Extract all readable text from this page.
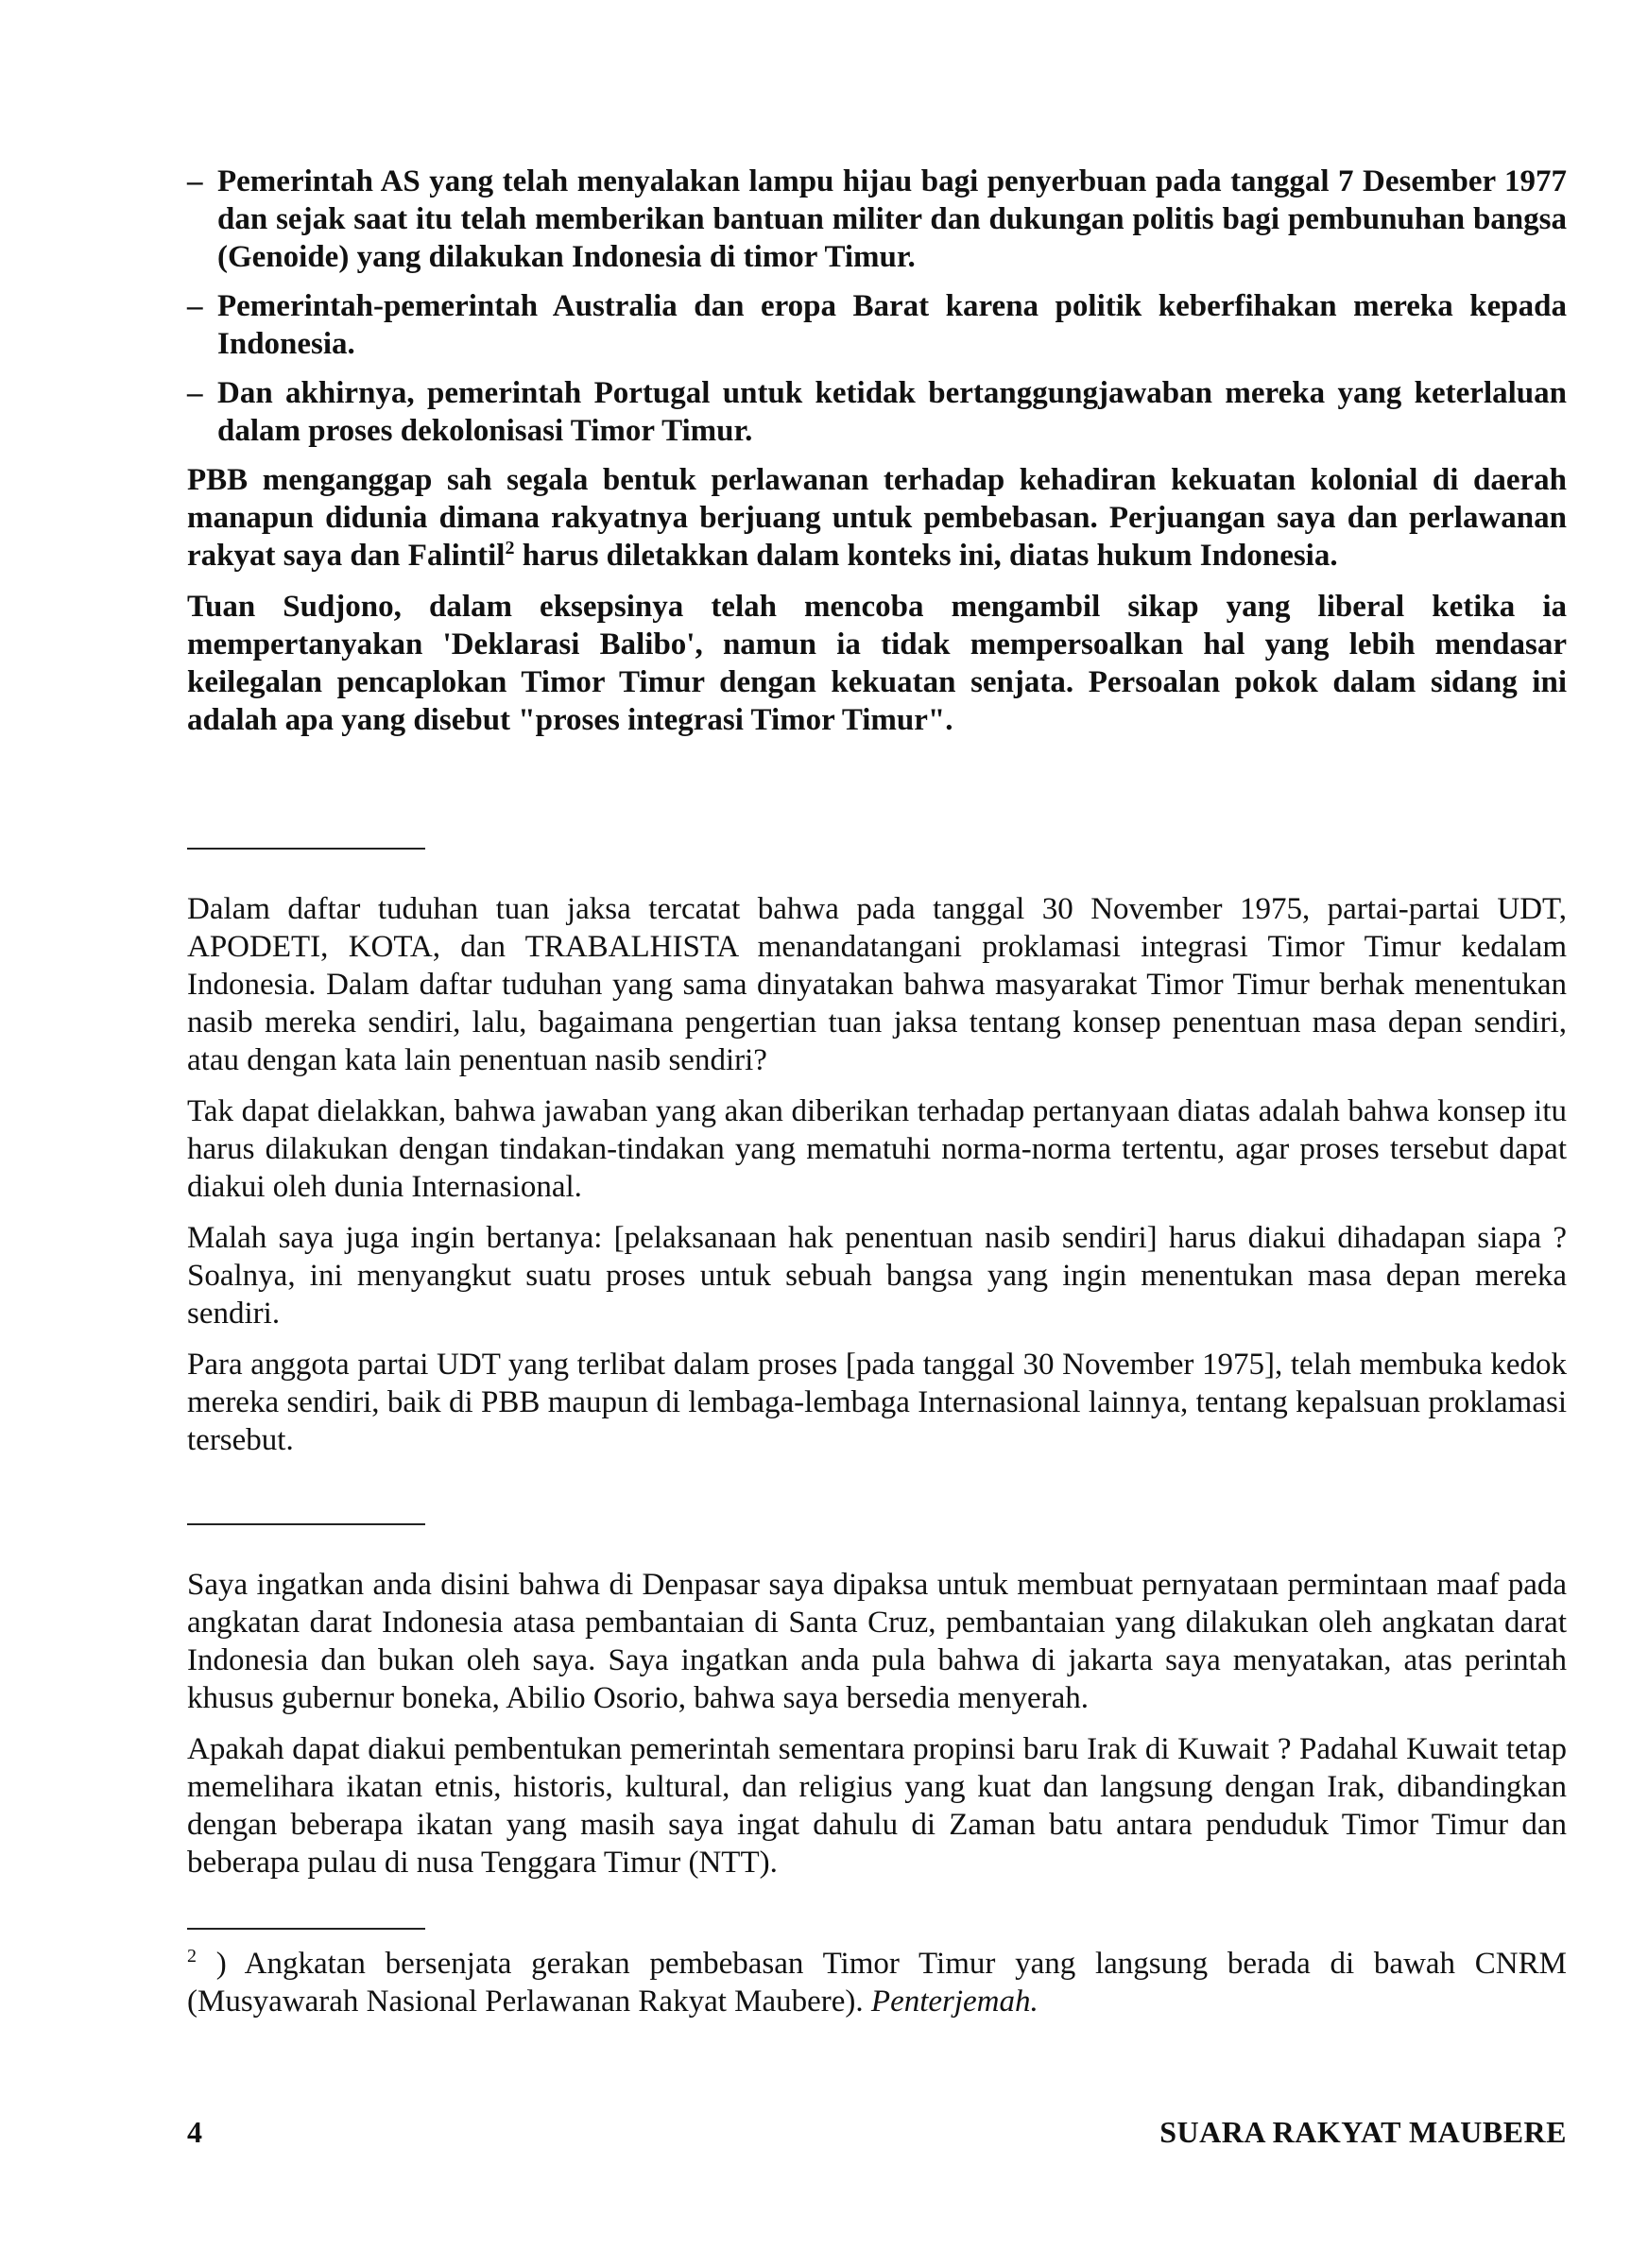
– Pemerintah AS yang telah menyalakan lampu hijau bagi penyerbuan pada tanggal 7 Desember 1977 dan sejak saat itu telah memberikan bantuan militer dan dukungan politis bagi pembunuhan bangsa (Genoide) yang dilakukan Indonesia di timor Timur.

– Pemerintah-pemerintah Australia dan eropa Barat karena politik keberfihakan mereka kepada Indonesia.

– Dan akhirnya, pemerintah Portugal untuk ketidak bertanggungjawaban mereka yang keterlaluan dalam proses dekolonisasi Timor Timur.

PBB menganggap sah segala bentuk perlawanan terhadap kehadiran kekuatan kolonial di daerah manapun didunia dimana rakyatnya berjuang untuk pembebasan. Perjuangan saya dan perlawanan rakyat saya dan Falintil$^2$ harus diletakkan dalam konteks ini, diatas hukum Indonesia.

Tuan Sudjono, dalam eksepsinya telah mencoba mengambil sikap yang liberal ketika ia mempertanyakan 'Deklarasi Balibo', namun ia tidak mempersoalkan hal yang lebih mendasar keilegalan pencaplokan Timor Timur dengan kekuatan senjata. Persoalan pokok dalam sidang ini adalah apa yang disebut "proses integrasi Timor Timur".

Dalam daftar tuduhan tuan jaksa tercatat bahwa pada tanggal 30 November 1975, partai-partai UDT, APODETI, KOTA, dan TRABALHISTA menandatangani proklamasi integrasi Timor Timur kedalam Indonesia. Dalam daftar tuduhan yang sama dinyatakan bahwa masyarakat Timor Timur berhak menentukan nasib mereka sendiri, lalu, bagaimana pengertian tuan jaksa tentang konsep penentuan masa depan sendiri, atau dengan kata lain penentuan nasib sendiri?

Tak dapat dielakkan, bahwa jawaban yang akan diberikan terhadap pertanyaan diatas adalah bahwa konsep itu harus dilakukan dengan tindakan-tindakan yang mematuhi norma-norma tertentu, agar proses tersebut dapat diakui oleh dunia Internasional.

Malah saya juga ingin bertanya: [pelaksanaan hak penentuan nasib sendiri] harus diakui dihadapan siapa ? Soalnya, ini menyangkut suatu proses untuk sebuah bangsa yang ingin menentukan masa depan mereka sendiri.

Para anggota partai UDT yang terlibat dalam proses [pada tanggal 30 November 1975], telah membuka kedok mereka sendiri, baik di PBB maupun di lembaga-lembaga Internasional lainnya, tentang kepalsuan proklamasi tersebut.

Saya ingatkan anda disini bahwa di Denpasar saya dipaksa untuk membuat pernyataan permintaan maaf pada angkatan darat Indonesia atasa pembantaian di Santa Cruz, pembantaian yang dilakukan oleh angkatan darat Indonesia dan bukan oleh saya. Saya ingatkan anda pula bahwa di jakarta saya menyatakan, atas perintah khusus gubernur boneka, Abilio Osorio, bahwa saya bersedia menyerah.

Apakah dapat diakui pembentukan pemerintah sementara propinsi baru Irak di Kuwait ? Padahal Kuwait tetap memelihara ikatan etnis, historis, kultural, dan religius yang kuat dan langsung dengan Irak, dibandingkan dengan beberapa ikatan yang masih saya ingat dahulu di Zaman batu antara penduduk Timor Timur dan beberapa pulau di nusa Tenggara Timur (NTT).

$^2$ ) Angkatan bersenjata gerakan pembebasan Timor Timur yang langsung berada di bawah CNRM (Musyawarah Nasional Perlawanan Rakyat Maubere). Penterjemah.

4	SUARA RAKYAT MAUBERE
